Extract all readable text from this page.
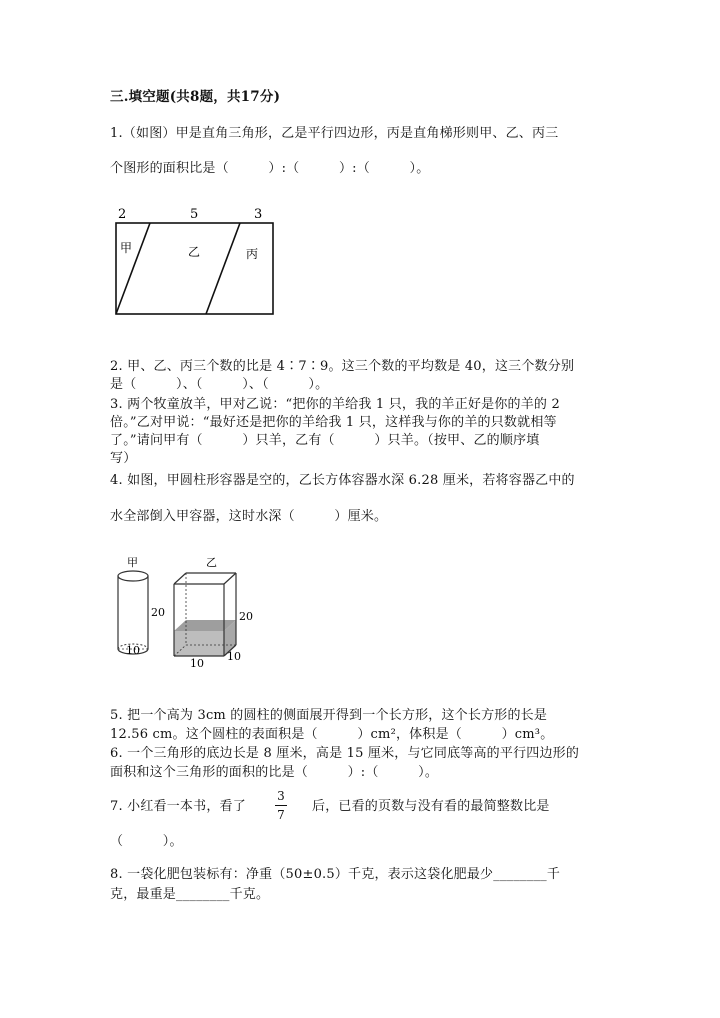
三.填空题(共8题，共17分)
1.（如图）甲是直角三角形，乙是平行四边形，丙是直角梯形则甲、乙、丙三
个图形的面积比是（　　　）:（　　　）:（　　　）。
2	5	3
甲	乙	丙
2. 甲、乙、丙三个数的比是 4∶7∶9。这三个数的平均数是 40，这三个数分别
是（　　　）、（　　　）、（　　　）。
3. 两个牧童放羊，甲对乙说：“把你的羊给我 1 只，我的羊正好是你的羊的 2
倍。”乙对甲说：“最好还是把你的羊给我 1 只，这样我与你的羊的只数就相等
了。”请问甲有（　　　）只羊，乙有（　　　）只羊。（按甲、乙的顺序填
写）
4. 如图，甲圆柱形容器是空的，乙长方体容器水深 6.28 厘米，若将容器乙中的
水全部倒入甲容器，这时水深（　　　）厘米。
甲
20
10
乙
20
10
10
5. 把一个高为 3cm 的圆柱的侧面展开得到一个长方形，这个长方形的长是
12.56 cm。这个圆柱的表面积是（　　　）cm²，体积是（　　　）cm³。
6. 一个三角形的底边长是 8 厘米，高是 15 厘米，与它同底等高的平行四边形的
面积和这个三角形的面积的比是（　　　）:（　　　）。
7. 小红看一本书，看了
3
7
后，已看的页数与没有看的最简整数比是
（　　　）。
8. 一袋化肥包装标有：净重（50±0.5）千克，表示这袋化肥最少________千
克，最重是________千克。
